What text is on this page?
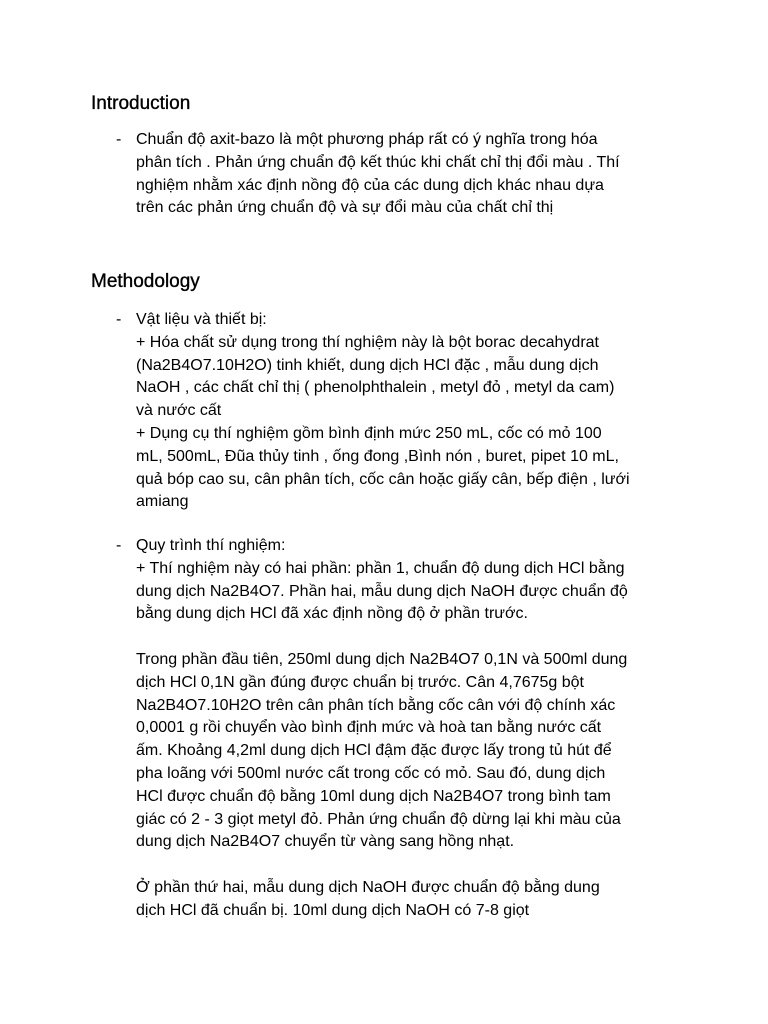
Introduction
- Chuẩn độ axit-bazo là một phương pháp rất có ý nghĩa trong hóa
phân tích . Phản ứng chuẩn độ kết thúc khi chất chỉ thị đổi màu . Thí
nghiệm nhằm xác định nồng độ của các dung dịch khác nhau dựa
trên các phản ứng chuẩn độ và sự đổi màu của chất chỉ thị
Methodology
- Vật liệu và thiết bị:
+ Hóa chất sử dụng trong thí nghiệm này là bột borac decahydrat
(Na2B4O7.10H2O) tinh khiết, dung dịch HCl đặc , mẫu dung dịch
NaOH , các chất chỉ thị ( phenolphthalein , metyl đỏ , metyl da cam)
và nước cất
+ Dụng cụ thí nghiệm gồm bình định mức 250 mL, cốc có mỏ 100
mL, 500mL, Đũa thủy tinh , ống đong ,Bình nón , buret, pipet 10 mL,
quả bóp cao su, cân phân tích, cốc cân hoặc giấy cân, bếp điện , lưới
amiang
- Quy trình thí nghiệm:
+ Thí nghiệm này có hai phần: phần 1, chuẩn độ dung dịch HCl bằng
dung dịch Na2B4O7. Phần hai, mẫu dung dịch NaOH được chuẩn độ
bằng dung dịch HCl đã xác định nồng độ ở phần trước.
Trong phần đầu tiên, 250ml dung dịch Na2B4O7 0,1N và 500ml dung
dịch HCl 0,1N gần đúng được chuẩn bị trước. Cân 4,7675g bột
Na2B4O7.10H2O trên cân phân tích bằng cốc cân với độ chính xác
0,0001 g rồi chuyển vào bình định mức và hoà tan bằng nước cất
ấm. Khoảng 4,2ml dung dịch HCl đậm đặc được lấy trong tủ hút để
pha loãng với 500ml nước cất trong cốc có mỏ. Sau đó, dung dịch
HCl được chuẩn độ bằng 10ml dung dịch Na2B4O7 trong bình tam
giác có 2 - 3 giọt metyl đỏ. Phản ứng chuẩn độ dừng lại khi màu của
dung dịch Na2B4O7 chuyển từ vàng sang hồng nhạt.
Ở phần thứ hai, mẫu dung dịch NaOH được chuẩn độ bằng dung
dịch HCl đã chuẩn bị. 10ml dung dịch NaOH có 7-8 giọt
